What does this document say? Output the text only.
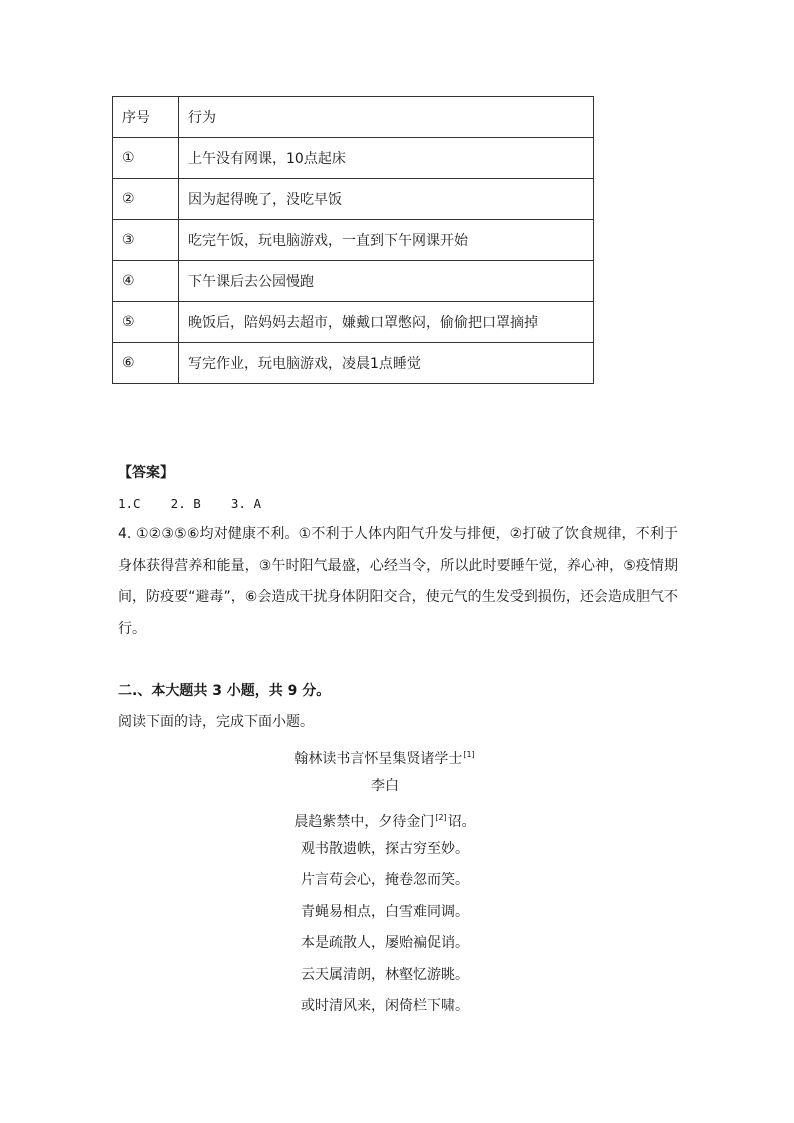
序号	行为
①	上午没有网课，10点起床
②	因为起得晚了，没吃早饭
③	吃完午饭，玩电脑游戏，一直到下午网课开始
④	下午课后去公园慢跑
⑤	晚饭后，陪妈妈去超市，嫌戴口罩憋闷，偷偷把口罩摘掉
⑥	写完作业，玩电脑游戏，凌晨1点睡觉
【答案】
1.C    2. B    3. A
4. ①②③⑤⑥均对健康不利。①不利于人体内阳气升发与排便，②打破了饮食规律，不利于身体获得营养和能量，③午时阳气最盛，心经当令，所以此时要睡午觉，养心神，⑤疫情期间，防疫要“避毒”，⑥会造成干扰身体阴阳交合，使元气的生发受到损伤，还会造成胆气不行。
二.、本大题共 3 小题，共 9 分。
阅读下面的诗，完成下面小题。
翰林读书言怀呈集贤诸学士[1]
李白
晨趋紫禁中，夕待金门[2]诏。
观书散遗帙，探古穷至妙。
片言苟会心，掩卷忽而笑。
青蝇易相点，白雪难同调。
本是疏散人，屡贻褊促诮。
云天属清朗，林壑忆游眺。
或时清风来，闲倚栏下啸。
